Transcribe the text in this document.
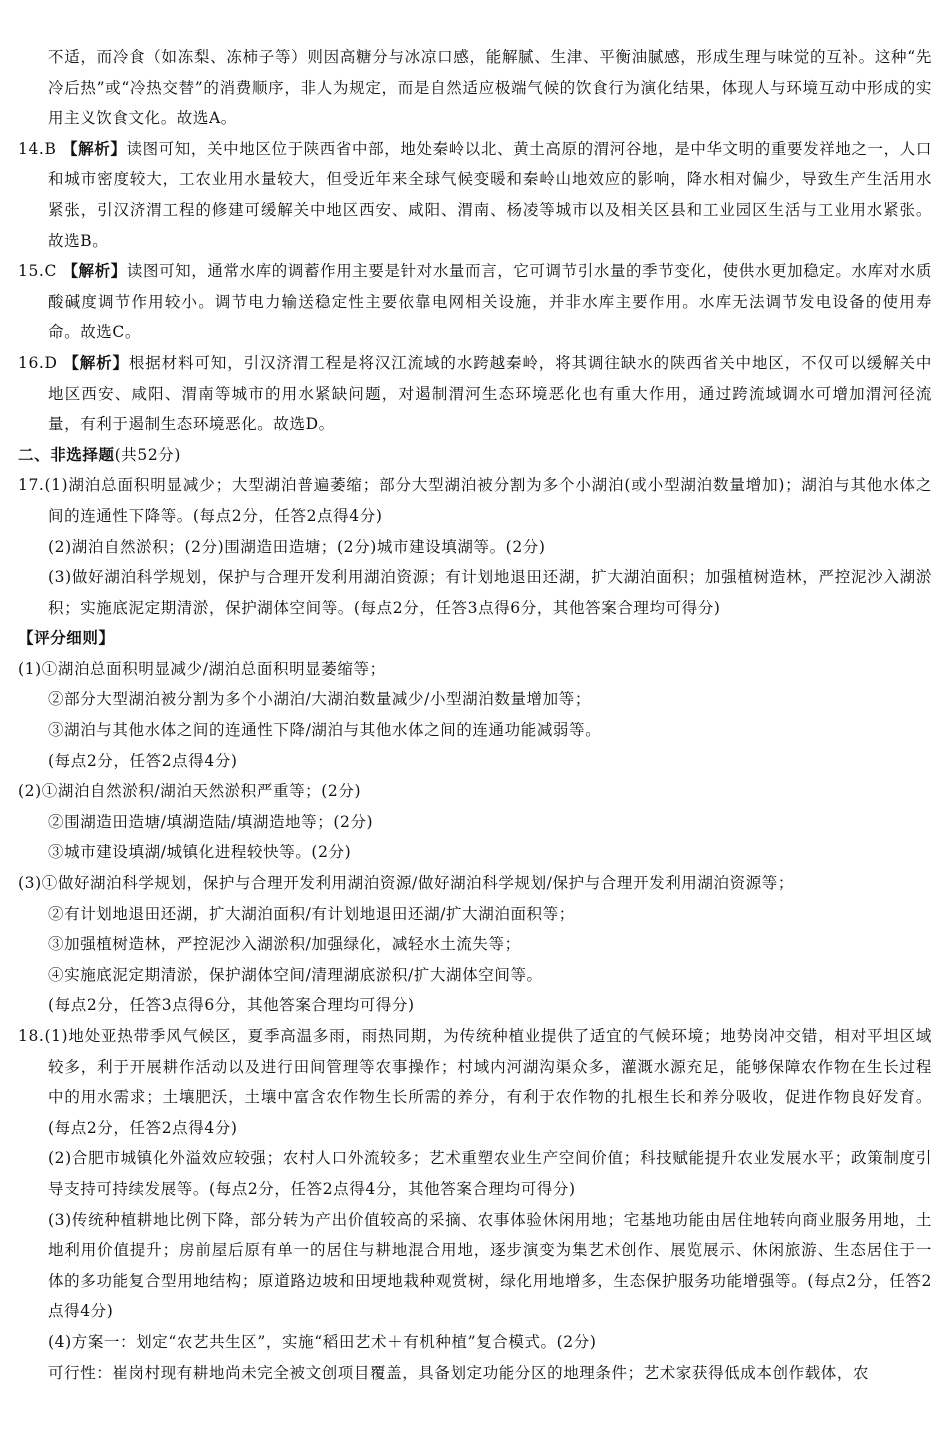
不适，而冷食（如冻梨、冻柿子等）则因高糖分与冰凉口感，能解腻、生津、平衡油腻感，形成生理与味觉的互补。这种“先冷后热”或“冷热交替”的消费顺序，非人为规定，而是自然适应极端气候的饮食行为演化结果，体现人与环境互动中形成的实用主义饮食文化。故选A。

14.B 【解析】读图可知，关中地区位于陕西省中部，地处秦岭以北、黄土高原的渭河谷地，是中华文明的重要发祥地之一，人口和城市密度较大，工农业用水量较大，但受近年来全球气候变暖和秦岭山地效应的影响，降水相对偏少，导致生产生活用水紧张，引汉济渭工程的修建可缓解关中地区西安、咸阳、渭南、杨凌等城市以及相关区县和工业园区生活与工业用水紧张。故选B。

15.C 【解析】读图可知，通常水库的调蓄作用主要是针对水量而言，它可调节引水量的季节变化，使供水更加稳定。水库对水质酸碱度调节作用较小。调节电力输送稳定性主要依靠电网相关设施，并非水库主要作用。水库无法调节发电设备的使用寿命。故选C。

16.D 【解析】根据材料可知，引汉济渭工程是将汉江流域的水跨越秦岭，将其调往缺水的陕西省关中地区，不仅可以缓解关中地区西安、咸阳、渭南等城市的用水紧缺问题，对遏制渭河生态环境恶化也有重大作用，通过跨流域调水可增加渭河径流量，有利于遏制生态环境恶化。故选D。

二、非选择题(共52分)

17.(1)湖泊总面积明显减少；大型湖泊普遍萎缩；部分大型湖泊被分割为多个小湖泊(或小型湖泊数量增加)；湖泊与其他水体之间的连通性下降等。(每点2分，任答2点得4分)

(2)湖泊自然淤积；(2分)围湖造田造塘；(2分)城市建设填湖等。(2分)

(3)做好湖泊科学规划，保护与合理开发利用湖泊资源；有计划地退田还湖，扩大湖泊面积；加强植树造林，严控泥沙入湖淤积；实施底泥定期清淤，保护湖体空间等。(每点2分，任答3点得6分，其他答案合理均可得分)

【评分细则】

(1)①湖泊总面积明显减少/湖泊总面积明显萎缩等；

②部分大型湖泊被分割为多个小湖泊/大湖泊数量减少/小型湖泊数量增加等；

③湖泊与其他水体之间的连通性下降/湖泊与其他水体之间的连通功能减弱等。

(每点2分，任答2点得4分)

(2)①湖泊自然淤积/湖泊天然淤积严重等；(2分)

②围湖造田造塘/填湖造陆/填湖造地等；(2分)

③城市建设填湖/城镇化进程较快等。(2分)

(3)①做好湖泊科学规划，保护与合理开发利用湖泊资源/做好湖泊科学规划/保护与合理开发利用湖泊资源等；

②有计划地退田还湖，扩大湖泊面积/有计划地退田还湖/扩大湖泊面积等；

③加强植树造林，严控泥沙入湖淤积/加强绿化，减轻水土流失等；

④实施底泥定期清淤，保护湖体空间/清理湖底淤积/扩大湖体空间等。

(每点2分，任答3点得6分，其他答案合理均可得分)

18.(1)地处亚热带季风气候区，夏季高温多雨，雨热同期，为传统种植业提供了适宜的气候环境；地势岗冲交错，相对平坦区域较多，利于开展耕作活动以及进行田间管理等农事操作；村域内河湖沟渠众多，灌溉水源充足，能够保障农作物在生长过程中的用水需求；土壤肥沃，土壤中富含农作物生长所需的养分，有利于农作物的扎根生长和养分吸收，促进作物良好发育。(每点2分，任答2点得4分)

(2)合肥市城镇化外溢效应较强；农村人口外流较多；艺术重塑农业生产空间价值；科技赋能提升农业发展水平；政策制度引导支持可持续发展等。(每点2分，任答2点得4分，其他答案合理均可得分)

(3)传统种植耕地比例下降，部分转为产出价值较高的采摘、农事体验休闲用地；宅基地功能由居住地转向商业服务用地，土地利用价值提升；房前屋后原有单一的居住与耕地混合用地，逐步演变为集艺术创作、展览展示、休闲旅游、生态居住于一体的多功能复合型用地结构；原道路边坡和田埂地栽种观赏树，绿化用地增多，生态保护服务功能增强等。(每点2分，任答2点得4分)

(4)方案一：划定“农艺共生区”，实施“稻田艺术＋有机种植”复合模式。(2分)

可行性：崔岗村现有耕地尚未完全被文创项目覆盖，具备划定功能分区的地理条件；艺术家获得低成本创作载体，农
